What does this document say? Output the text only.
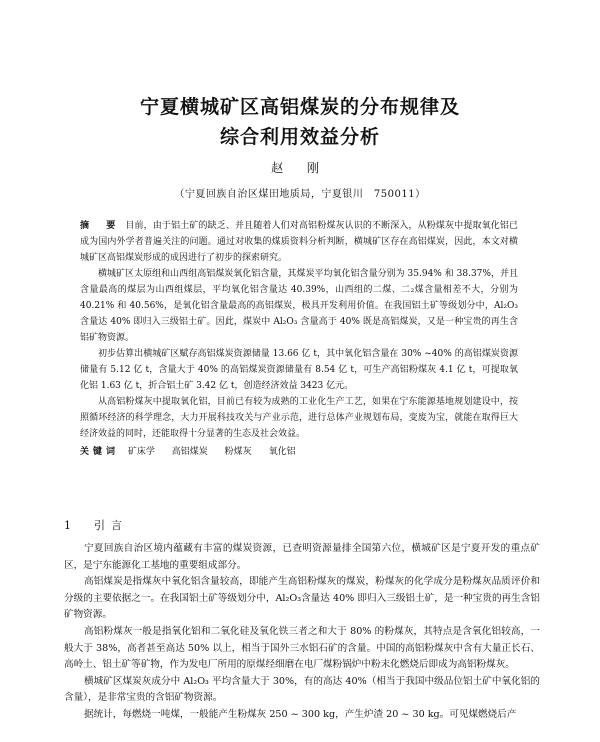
宁夏横城矿区高铝煤炭的分布规律及
综合利用效益分析
赵 刚
（宁夏回族自治区煤田地质局，宁夏银川　750011）

摘　要 目前，由于铝土矿的缺乏、并且随着人们对高铝粉煤灰认识的不断深入，从粉煤灰中提取氧化铝已成为国内外学者普遍关注的问题。通过对收集的煤质资料分析判断，横城矿区存在高铝煤炭，因此，本文对横城矿区高铝煤炭形成的成因进行了初步的探索研究。

横城矿区太原组和山西组高铝煤炭氧化铝含量，其煤炭平均氧化铝含量分别为 35.94% 和 38.37%，并且含量最高的煤层为山西组煤层，平均氧化铝含量达 40.39%，山西组的二煤、二₂煤含量相差不大，分别为 40.21% 和 40.56%，是氧化铝含量最高的高铝煤炭，极具开发利用价值。在我国铝土矿等级划分中，Al₂O₃ 含量达 40% 即归入三级铝土矿。因此，煤炭中 Al₂O₃ 含量高于 40% 既是高铝煤炭，又是一种宝贵的再生含铝矿物资源。

初步估算出横城矿区赋存高铝煤炭资源储量 13.66 亿 t，其中氧化铝含量在 30% ~40% 的高铝煤炭资源储量有 5.12 亿 t，含量大于 40% 的高铝煤炭资源储量有 8.54 亿 t，可生产高铝粉煤灰 4.1 亿 t，可提取氧化铝 1.63 亿 t，折合铝土矿 3.42 亿 t，创造经济效益 3423 亿元。

从高铝粉煤灰中提取氧化铝，目前已有较为成熟的工业化生产工艺，如果在宁东能源基地规划建设中，按照循环经济的科学理念，大力开展科技攻关与产业示范，进行总体产业规划布局，变废为宝，就能在取得巨大经济效益的同时，还能取得十分显著的生态及社会效益。

关键词 矿床学 高铝煤炭 粉煤灰 氧化铝
1　引言

宁夏回族自治区境内蕴藏有丰富的煤炭资源，已查明资源量排全国第六位，横城矿区是宁夏开发的重点矿区，是宁东能源化工基地的重要组成部分。

高铝煤炭是指煤灰中氧化铝含量较高，即能产生高铝粉煤灰的煤炭，粉煤灰的化学成分是粉煤灰品质评价和分级的主要依据之一。在我国铝土矿等级划分中，Al₂O₃含量达 40% 即归入三级铝土矿，是一种宝贵的再生含铝矿物资源。

高铝粉煤灰一般是指氧化铝和二氧化硅及氧化铁三者之和大于 80% 的粉煤灰，其特点是含氧化铝较高，一般大于 38%，高者甚至高达 50% 以上，相当于国外三水铝石矿的含量。中国的高铝粉煤灰中含有大量正长石、高岭土、铝土矿等矿物，作为发电厂所用的原煤经细磨在电厂煤粉锅炉中粉末化燃烧后即成为高铝粉煤灰。

横城矿区煤炭灰成分中 Al₂O₃ 平均含量大于 30%，有的高达 40%（相当于我国中级品位铝土矿中氧化铝的含量），是非常宝贵的含铝矿物资源。

据统计，每燃烧一吨煤，一般能产生粉煤灰 250 ~ 300 kg，产生炉渣 20 ~ 30 kg。可见煤燃烧后产
